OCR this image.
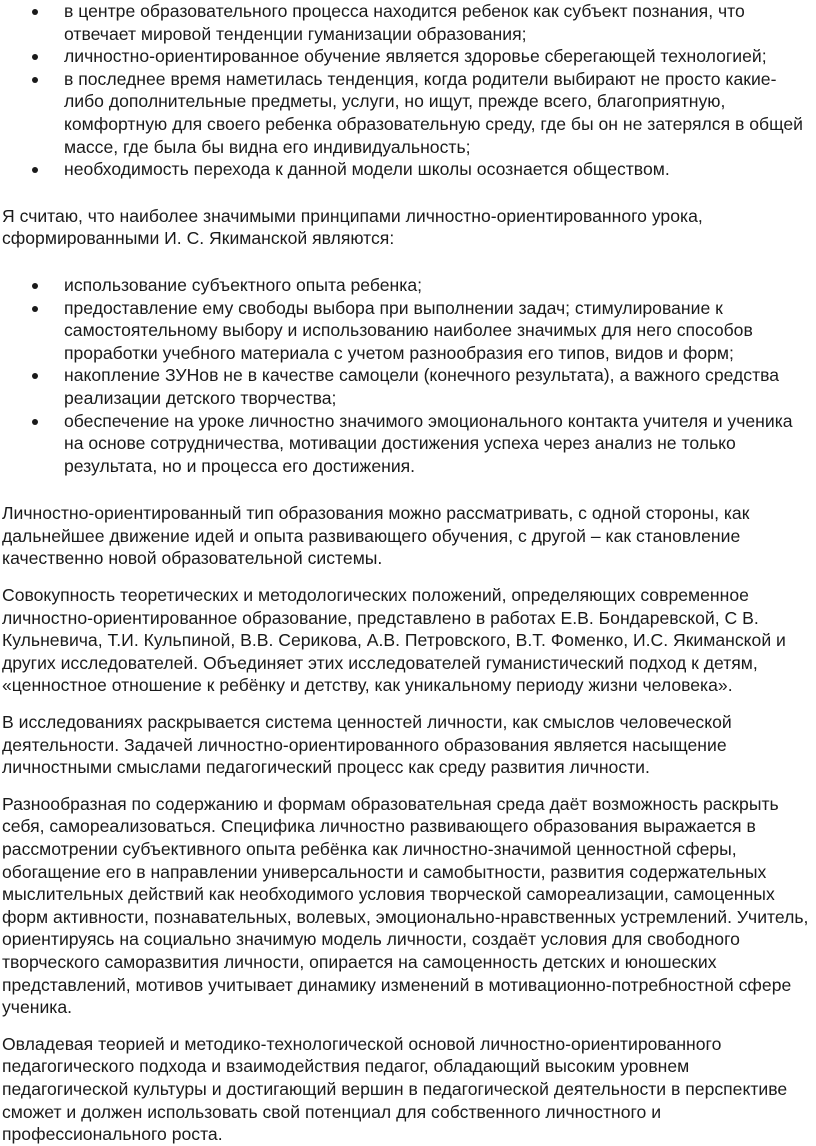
в центре образовательного процесса находится ребенок как субъект познания, что отвечает мировой тенденции гуманизации образования;
личностно-ориентированное обучение является здоровье сберегающей технологией;
в последнее время наметилась тенденция, когда родители выбирают не просто какие-либо дополнительные предметы, услуги, но ищут, прежде всего, благоприятную, комфортную для своего ребенка образовательную среду, где бы он не затерялся в общей массе, где была бы видна его индивидуальность;
необходимость перехода к данной модели школы осознается обществом.

Я считаю, что наиболее значимыми принципами личностно-ориентированного урока, сформированными И. С. Якиманской являются:

использование субъектного опыта ребенка;
предоставление ему свободы выбора при выполнении задач; стимулирование к самостоятельному выбору и использованию наиболее значимых для него способов проработки учебного материала с учетом разнообразия его типов, видов и форм;
накопление ЗУНов не в качестве самоцели (конечного результата), а важного средства реализации детского творчества;
обеспечение на уроке личностно значимого эмоционального контакта учителя и ученика на основе сотрудничества, мотивации достижения успеха через анализ не только результата, но и процесса его достижения.

Личностно-ориентированный тип образования можно рассматривать, с одной стороны, как дальнейшее движение идей и опыта развивающего обучения, с другой – как становление качественно новой образовательной системы.

Совокупность теоретических и методологических положений, определяющих современное личностно-ориентированное образование, представлено в работах Е.В. Бондаревской, С В. Кульневича, Т.И. Кульпиной, В.В. Серикова, А.В. Петровского, В.Т. Фоменко, И.С. Якиманской и других исследователей. Объединяет этих исследователей гуманистический подход к детям, «ценностное отношение к ребёнку и детству, как уникальному периоду жизни человека».

В исследованиях раскрывается система ценностей личности, как смыслов человеческой деятельности. Задачей личностно-ориентированного образования является насыщение личностными смыслами педагогический процесс как среду развития личности.

Разнообразная по содержанию и формам образовательная среда даёт возможность раскрыть себя, самореализоваться. Специфика личностно развивающего образования выражается в рассмотрении субъективного опыта ребёнка как личностно-значимой ценностной сферы, обогащение его в направлении универсальности и самобытности, развития содержательных мыслительных действий как необходимого условия творческой самореализации, самоценных форм активности, познавательных, волевых, эмоционально-нравственных устремлений. Учитель, ориентируясь на социально значимую модель личности, создаёт условия для свободного творческого саморазвития личности, опирается на самоценность детских и юношеских представлений, мотивов учитывает динамику изменений в мотивационно-потребностной сфере ученика.

Овладевая теорией и методико-технологической основой личностно-ориентированного педагогического подхода и взаимодействия педагог, обладающий высоким уровнем педагогической культуры и достигающий вершин в педагогической деятельности в перспективе сможет и должен использовать свой потенциал для собственного личностного и профессионального роста.
